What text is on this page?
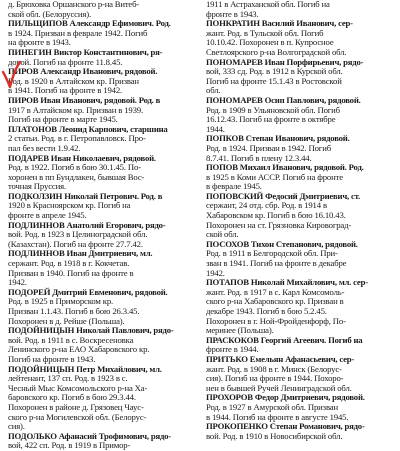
д. Брюховка Оршанского р-на Витеб-
ской обл. (Белоруссия).
ПИЛЬЩИПОВ Александр Ефимович. Род.
в 1924. Призван в феврале 1942. Погиб
на фронте в 1943.
ПИНЕГИН Виктор Константинович, ря-
довой. Погиб на фронте 11.8.45.
ПИРОВ Александр Иванович, рядовой.
Род. в 1920 в Алтайском кр. Призван
в 1941. Погиб на фронте в 1942.
ПИРОВ Иван Иванович, рядовой. Род. в
1917 в Алтайском кр. Призван в 1939.
Погиб на фронте в марте 1945.
ПЛАТОНОВ Леонид Карпович, старшина
2 статьи. Род. в г. Петропавловск. Про-
пал без вести 1.9.42.
ПОДАРЕВ Иван Николаевич, рядовой.
Род. в 1922. Погиб в бою 30.1.45. По-
хоронен в пп Бундлакен, бывшая Вос-
точная Пруссия.
ПОДКОЛЗИН Николай Петрович. Род. в
1920 в Красноярском кр. Погиб на
фронте в апреле 1945.
ПОДЛИННОВ Анатолий Егорович, рядо-
вой. Род. в 1923 в Целиноградской обл.
(Казахстан). Погиб на фронте 27.7.42.
ПОДЛИННОВ Иван Дмитриевич, мл.
сержант. Род. в 1918 в г. Кокчетав.
Призван в 1940. Погиб на фронте в
1942.
ПОДОРЕЙ Дмитрий Евменович, рядовой.
Род. в 1925 в Приморском кр.
Призван 1.1.43. Погиб в бою 26.3.45.
Похоронен в д. Рейше (Польша).
ПОДОЙНИЦЫН Николай Павлович, рядо-
вой. Род. в 1911 в с. Воскресеновка
Ленинского р-на ЕАО Хабаровского кр.
Погиб на фронте в 1943.
ПОДОЙНИЦЫН Петр Михайлович, мл.
лейтенант, 137 сп. Род. в 1923 в с.
Чесный Мыс Комсомольского р-на Ха-
баровского кр. Погиб в бою 29.3.44.
Похоронен в районе д. Грязовец Чаус-
ского р-на Могилевской обл. (Белорус-
сия).
ПОДОЛЬКО Афанасий Трофимович, рядо-
вой, 422 сп. Род. в 1919 в Примор-
1911 в Астраханской обл. Погиб на
фронте в 1943.
ПОНКРАТИН Василий Иванович, сер-
жант. Род. в Тульской обл. Погиб
10.10.42. Похоронен в п. Купросное
Светлоярского р-на Волгоградской обл.
ПОНОМАРЕВ Иван Порфирьевич, рядо-
вой, 333 сд. Род. в 1912 в Курской обл.
Погиб на фронте 15.1.43 в Ростовской
обл.
ПОНОМАРЕВ Осип Павлович, рядовой.
Род. в 1909 в Ульяновской обл. Погиб
16.12.43. Погиб на фронте в октябре
1944.
ПОПКОВ Степан Иванович, рядовой.
Род. в 1924. Призван в 1942. Погиб
8.7.41. Погиб в плену 12.3.44.
ПОПОВ Михаил Иванович, рядовой. Род.
в 1925 в Коми АССР. Погиб на фронте
в феврале 1945.
ПОПОВСКИЙ Федосий Дмитриевич, ст.
сержант, 24 отд. сбр. Род. в 1914 в
Хабаровском кр. Погиб в бою 16.10.43.
Похоронен на ст. Грязновка Кировоград-
ской обл.
ПОСОХОВ Тихон Степанович, рядовой.
Род. в 1911 в Белгородской обл. При-
зван в 1941. Погиб на фронте в декабре
1942.
ПОТАПОВ Николай Михайлович, мл. сер-
жант. Род. в 1917 в с. Карл Комсомоль-
ского р-на Хабаровского кр. Призван в
декабре 1943. Погиб в бою 5.2.45.
Похоронен в г. Ной-Фройденфорф, По-
меринее (Польша).
ПРАСКОКОВ Георгий Агеевич. Погиб на
фронте в 1944.
ПРИТЬКО Емельян Афанасьевич, сер-
жант. Род. в 1908 в г. Минск (Белорус-
сия). Погиб на фронте в 1944. Похоро-
нен в бывшей Ручей Ленинградской обл.
ПРОХОРОВ Федор Дмитриевич, рядовой.
Род. в 1927 в Амурской обл. Призван
в 1944. Погиб на фронте в августе 1945.
ПРОКОПЕНКО Степан Романович, рядо-
вой. Род. в 1910 в Новосибирской обл.
